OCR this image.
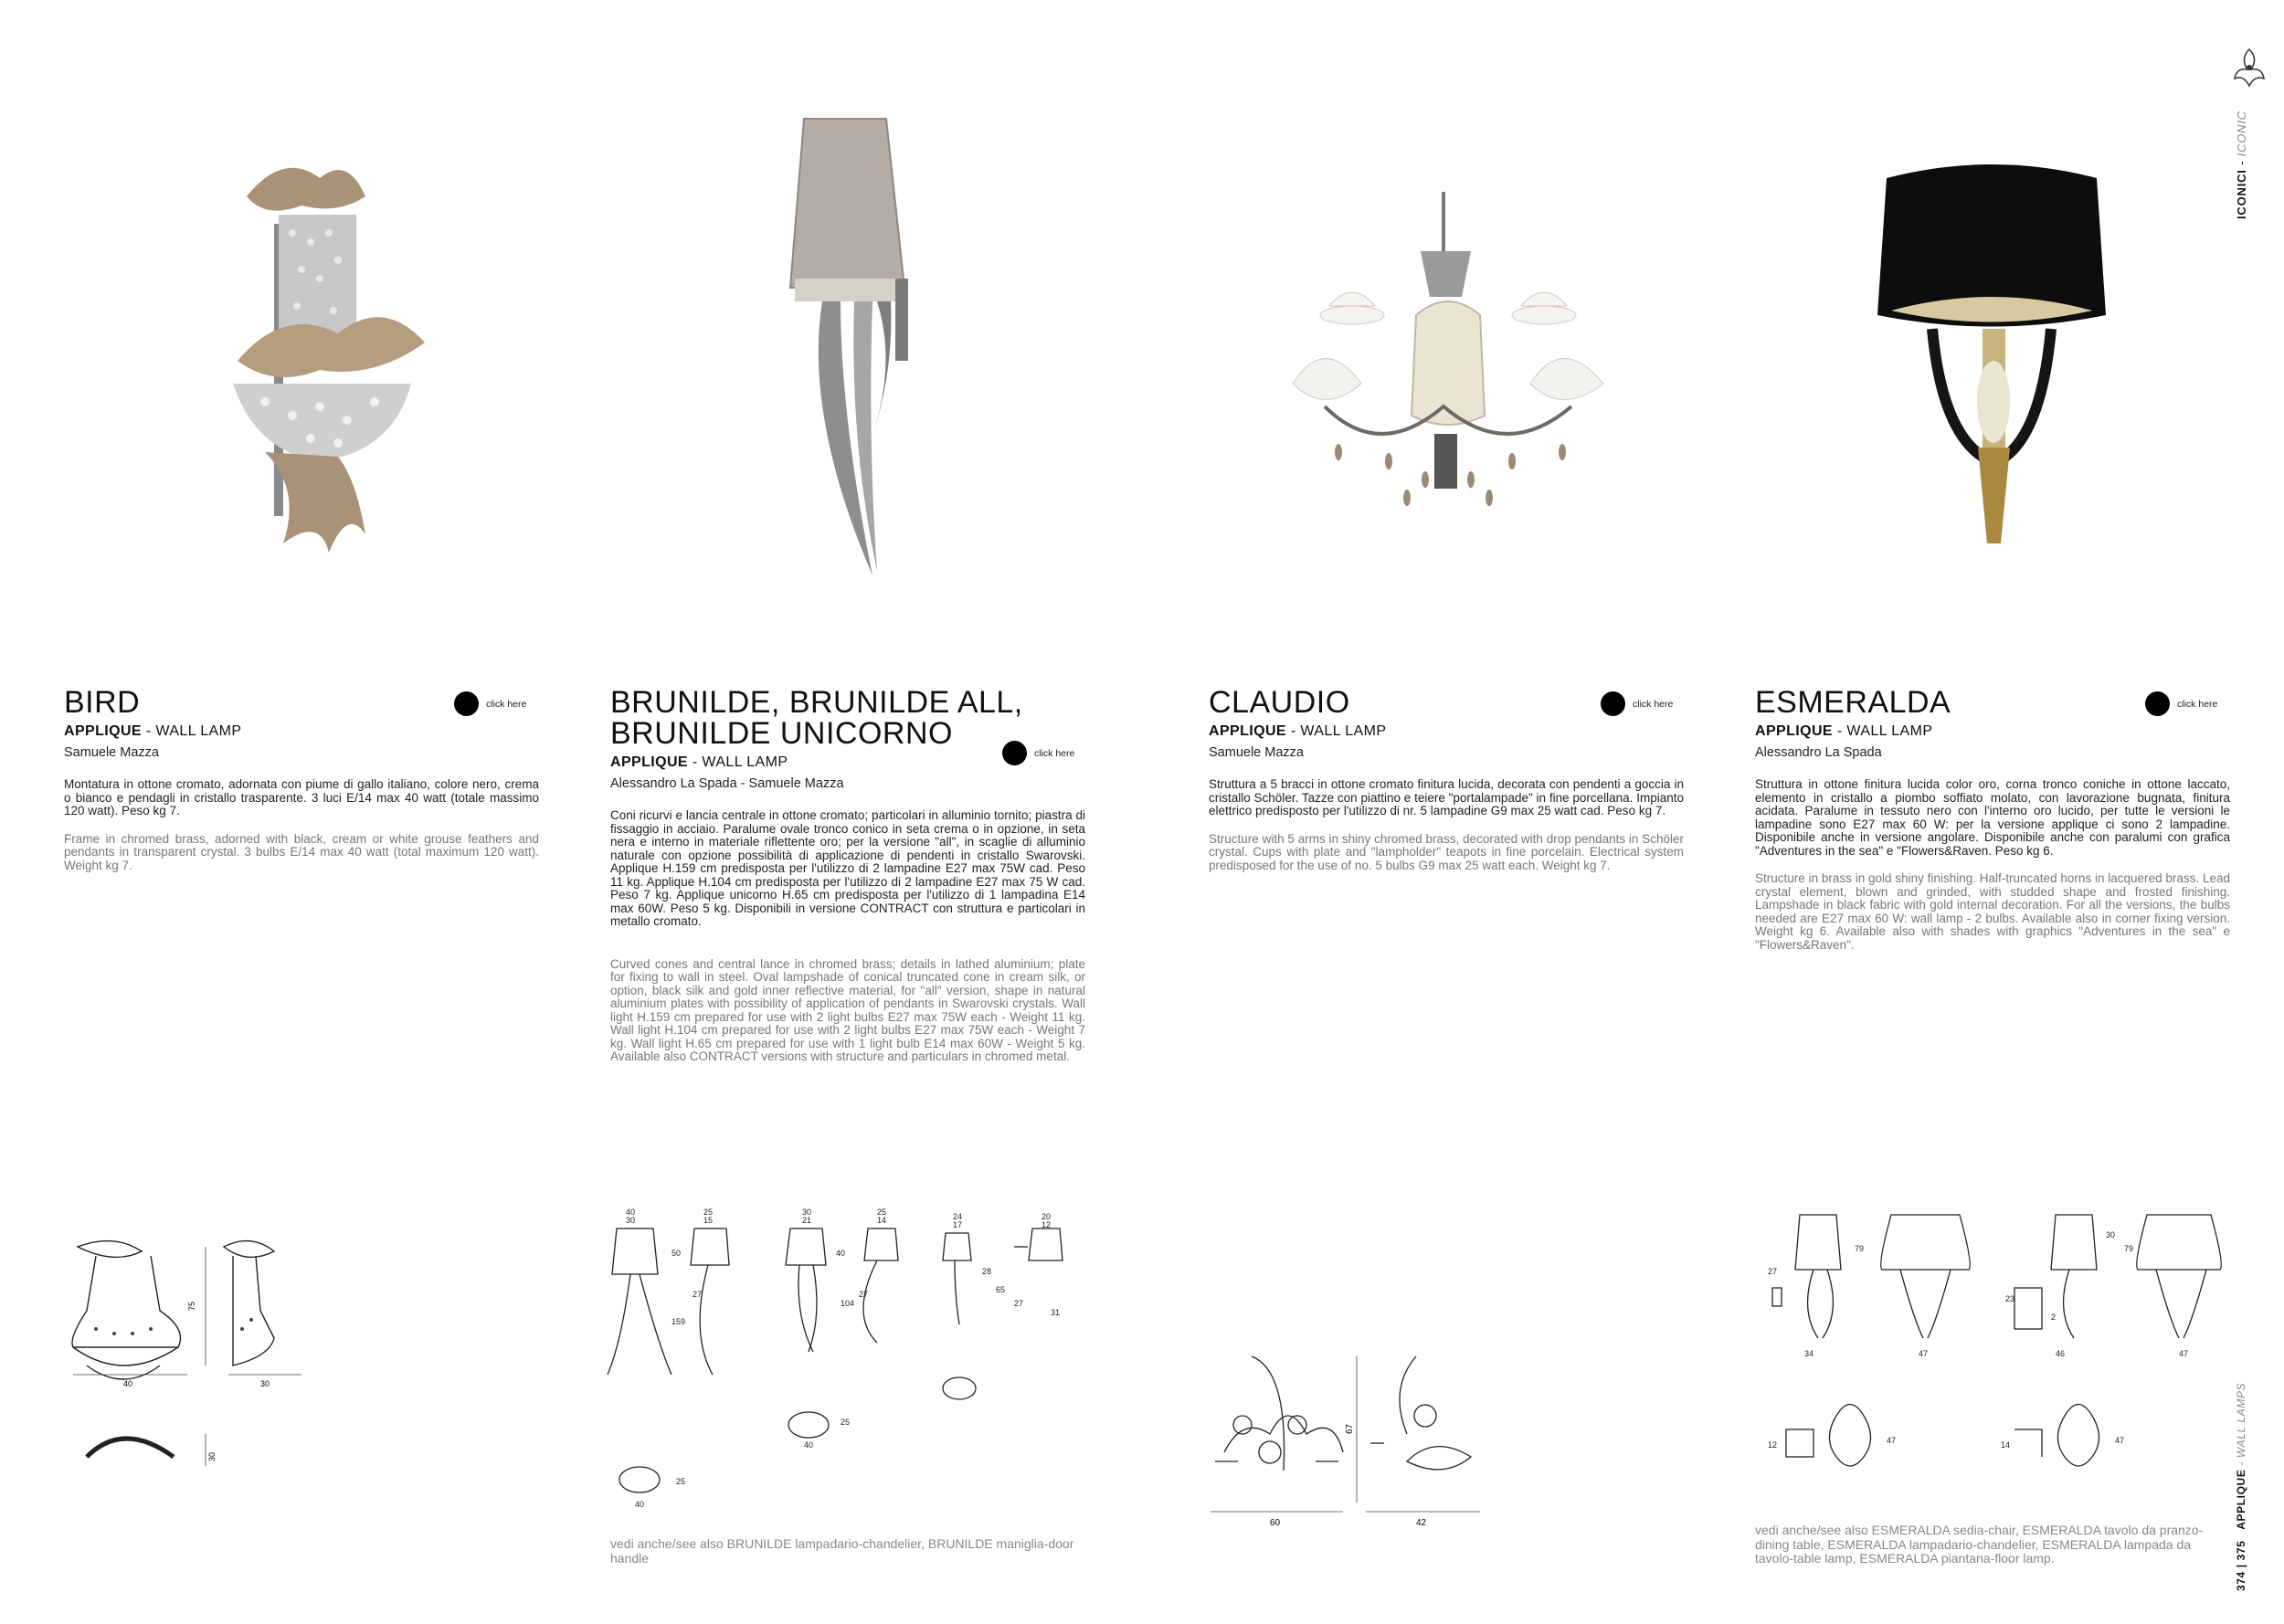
BIRD
APPLIQUE - WALL LAMP
Samuele Mazza
Montatura in ottone cromato, adornata con piume di gallo italiano, colore nero, crema o bianco e pendagli in cristallo trasparente. 3 luci E/14 max 40 watt (totale massimo 120 watt). Peso kg 7.
Frame in chromed brass, adorned with black, cream or white grouse feathers and pendants in transparent crystal. 3 bulbs E/14 max 40 watt (total maximum 120 watt). Weight kg 7.
click here	BRUNILDE, BRUNILDE ALL,
BRUNILDE UNICORNO
APPLIQUE - WALL LAMP
Alessandro La Spada - Samuele Mazza
Coni ricurvi e lancia centrale in ottone cromato; particolari in alluminio tornito; piastra di fissaggio in acciaio. Paralume ovale tronco conico in seta crema o in opzione, in seta nera e interno in materiale riflettente oro; per la versione "all", in scaglie di alluminio naturale con opzione possibilità di applicazione di pendenti in cristallo Swarovski. Applique H.159 cm predisposta per l'utilizzo di 2 lampadine E27 max 75W cad. Peso 11 kg. Applique H.104 cm predisposta per l'utilizzo di 2 lampadine E27 max 75 W cad. Peso 7 kg. Applique unicorno H.65 cm predisposta per l'utilizzo di 1 lampadina E14 max 60W. Peso 5 kg. Disponibili in versione CONTRACT con struttura e particolari in metallo cromato.
Curved cones and central lance in chromed brass; details in lathed aluminium; plate for fixing to wall in steel. Oval lampshade of conical truncated cone in cream silk, or option, black silk and gold inner reflective material, for "all" version, shape in natural aluminium plates with possibility of application of pendants in Swarovski crystals. Wall light H.159 cm prepared for use with 2 light bulbs E27 max 75W each - Weight 11 kg. Wall light H.104 cm prepared for use with 2 light bulbs E27 max 75W each - Weight 7 kg. Wall light H.65 cm prepared for use with 1 light bulb E14 max 60W - Weight 5 kg. Available also CONTRACT versions with structure and particulars in chromed metal.
click here
CLAUDIO
APPLIQUE - WALL LAMP
Samuele Mazza
Struttura a 5 bracci in ottone cromato finitura lucida, decorata con pendenti a goccia in cristallo Schöler. Tazze con piattino e teiere "portalampade" in fine porcellana. Impianto elettrico predisposto per l'utilizzo di nr. 5 lampadine G9 max 25 watt cad. Peso kg 7.
Structure with 5 arms in shiny chromed brass, decorated with drop pendants in Schöler crystal. Cups with plate and "lampholder" teapots in fine porcelain. Electrical system predisposed for the use of no. 5 bulbs G9 max 25 watt each. Weight kg 7.
click here	ESMERALDA
APPLIQUE - WALL LAMP
Alessandro La Spada
Struttura in ottone finitura lucida color oro, corna tronco coniche in ottone laccato, elemento in cristallo a piombo soffiato molato, con lavorazione bugnata, finitura acidata. Paralume in tessuto nero con l'interno oro lucido, per tutte le versioni le lampadine sono E27 max 60 W: per la versione applique ci sono 2 lampadine. Disponibile anche in versione angolare. Disponibile anche con paralumi con grafica "Adventures in the sea" e "Flowers&Raven. Peso kg 6.
Structure in brass in gold shiny finishing. Half-truncated horns in lacquered brass. Lead crystal element, blown and grinded, with studded shape and frosted finishing. Lampshade in black fabric with gold internal decoration. For all the versions, the bulbs needed are E27 max 60 W: wall lamp - 2 bulbs. Available also in corner fixing version. Weight kg 6. Available also with shades with graphics "Adventures in the sea" e "Flowers&Raven".
click here
75
40	30
30
40
30
25
15
30
21
25
14	24
17
20
12
50
27
159
40
104
27
28
65
27
31
40
25
40
25
60	42
67
27
79
34	47
30
23
2
79
46	47
12	47	14	47
vedi anche/see also BRUNILDE lampadario-chandelier, BRUNILDE maniglia-door handle
vedi anche/see also ESMERALDA sedia-chair, ESMERALDA tavolo da pranzo-dining table, ESMERALDA lampadario-chandelier, ESMERALDA lampada da tavolo-table lamp, ESMERALDA piantana-floor lamp.
ICONICI - ICONIC
374 | 375   APPLIQUE - WALL LAMPS
